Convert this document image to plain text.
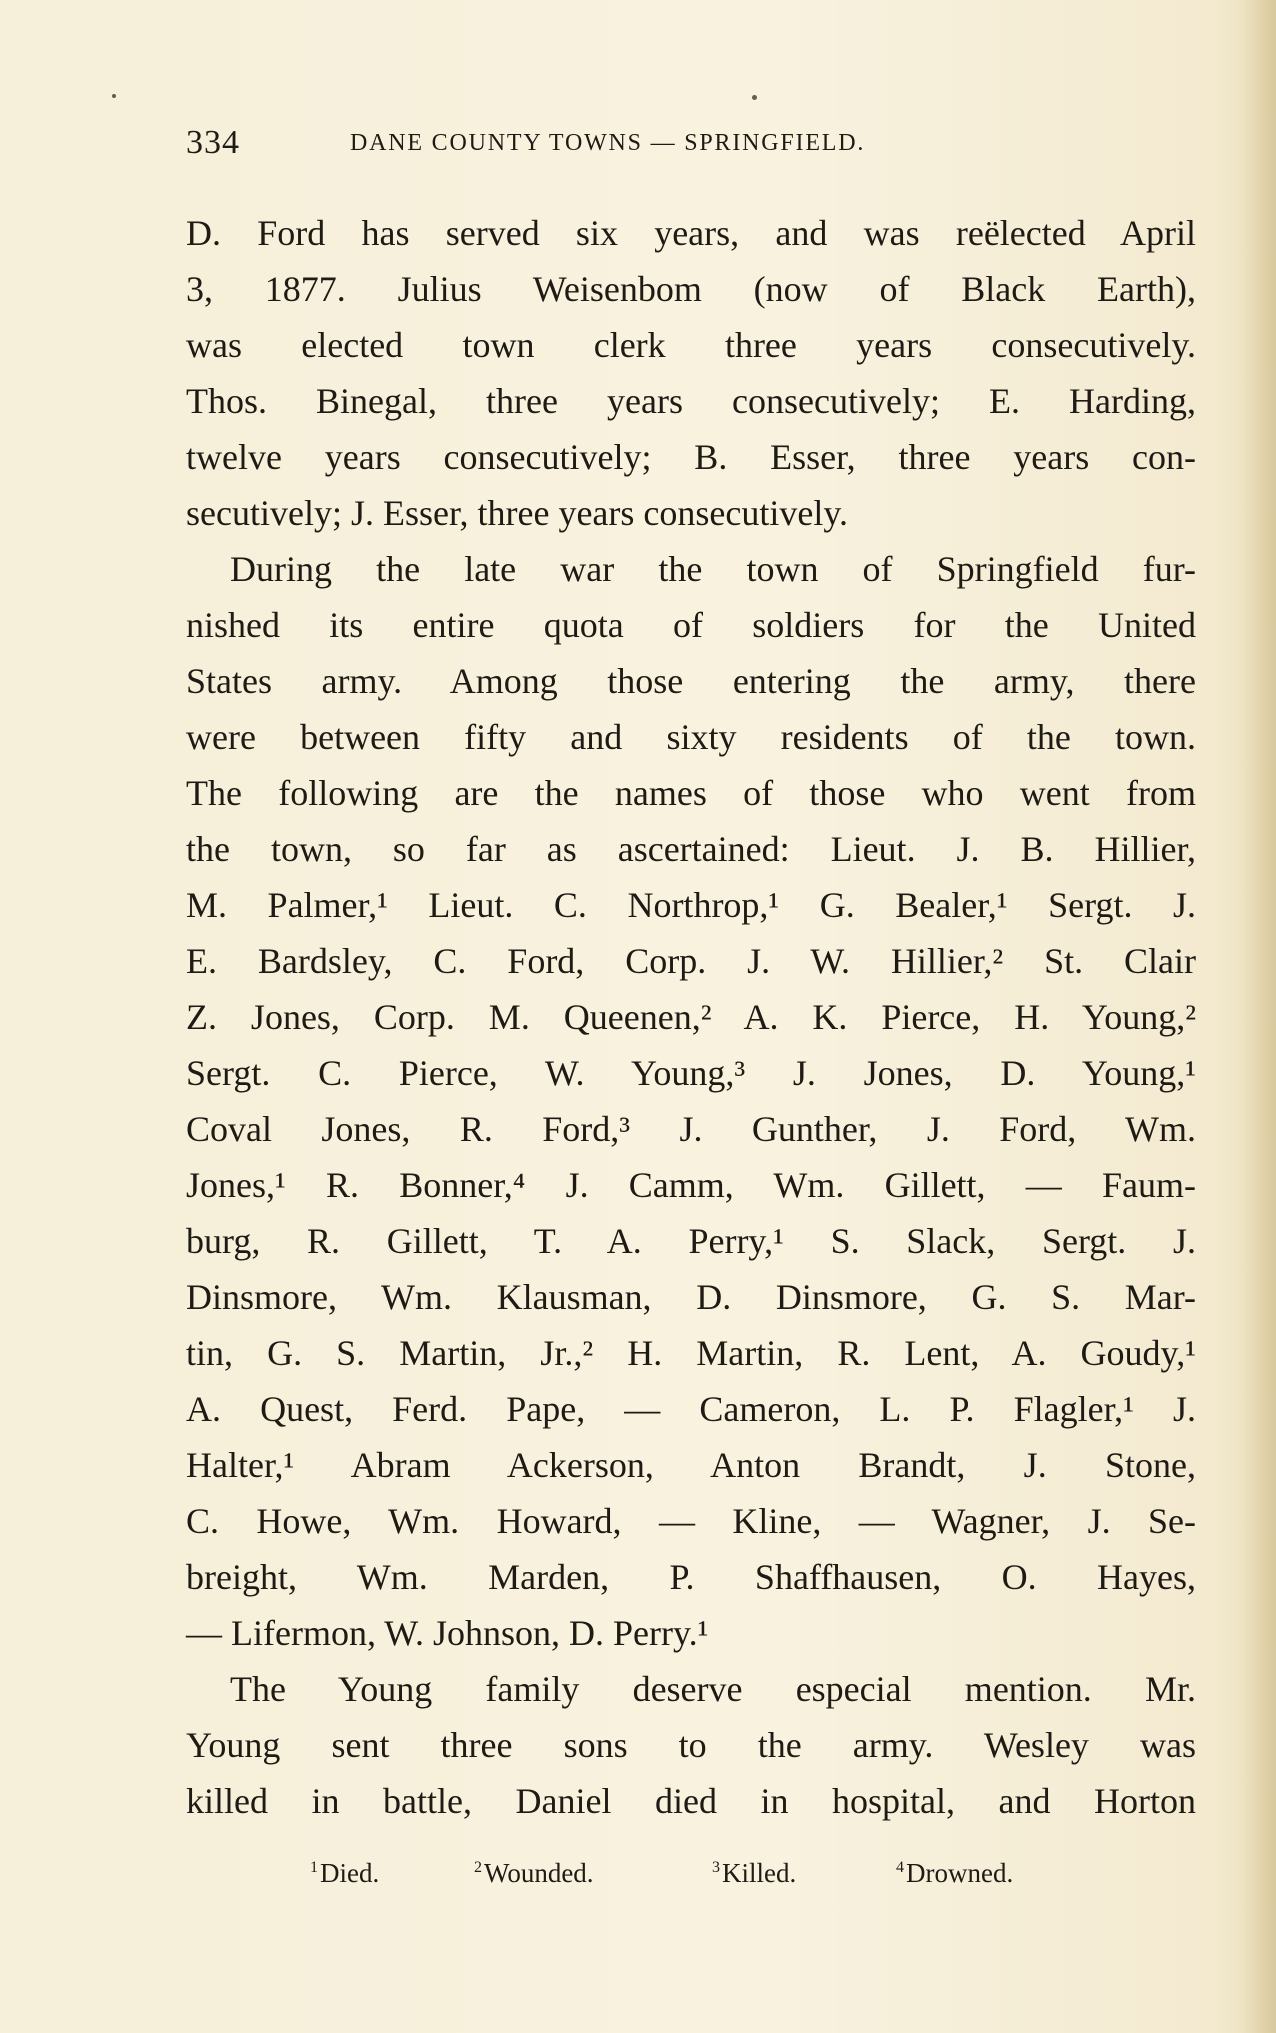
334	DANE COUNTY TOWNS — SPRINGFIELD.
D. Ford has served six years, and was reëlected April
3, 1877. Julius Weisenbom (now of Black Earth),
was elected town clerk three years consecutively.
Thos. Binegal, three years consecutively; E. Harding,
twelve years consecutively; B. Esser, three years con-
secutively; J. Esser, three years consecutively.
During the late war the town of Springfield fur-
nished its entire quota of soldiers for the United
States army. Among those entering the army, there
were between fifty and sixty residents of the town.
The following are the names of those who went from
the town, so far as ascertained: Lieut. J. B. Hillier,
M. Palmer,¹ Lieut. C. Northrop,¹ G. Bealer,¹ Sergt. J.
E. Bardsley, C. Ford, Corp. J. W. Hillier,² St. Clair
Z. Jones, Corp. M. Queenen,² A. K. Pierce, H. Young,²
Sergt. C. Pierce, W. Young,³ J. Jones, D. Young,¹
Coval Jones, R. Ford,³ J. Gunther, J. Ford, Wm.
Jones,¹ R. Bonner,⁴ J. Camm, Wm. Gillett, — Faum-
burg, R. Gillett, T. A. Perry,¹ S. Slack, Sergt. J.
Dinsmore, Wm. Klausman, D. Dinsmore, G. S. Mar-
tin, G. S. Martin, Jr.,² H. Martin, R. Lent, A. Goudy,¹
A. Quest, Ferd. Pape, — Cameron, L. P. Flagler,¹ J.
Halter,¹ Abram Ackerson, Anton Brandt, J. Stone,
C. Howe, Wm. Howard, — Kline, — Wagner, J. Se-
breight, Wm. Marden, P. Shaffhausen, O. Hayes,
— Lifermon, W. Johnson, D. Perry.¹
The Young family deserve especial mention. Mr.
Young sent three sons to the army. Wesley was
killed in battle, Daniel died in hospital, and Horton
$^1$Died.	$^2$Wounded.	$^3$Killed.	$^4$Drowned.
